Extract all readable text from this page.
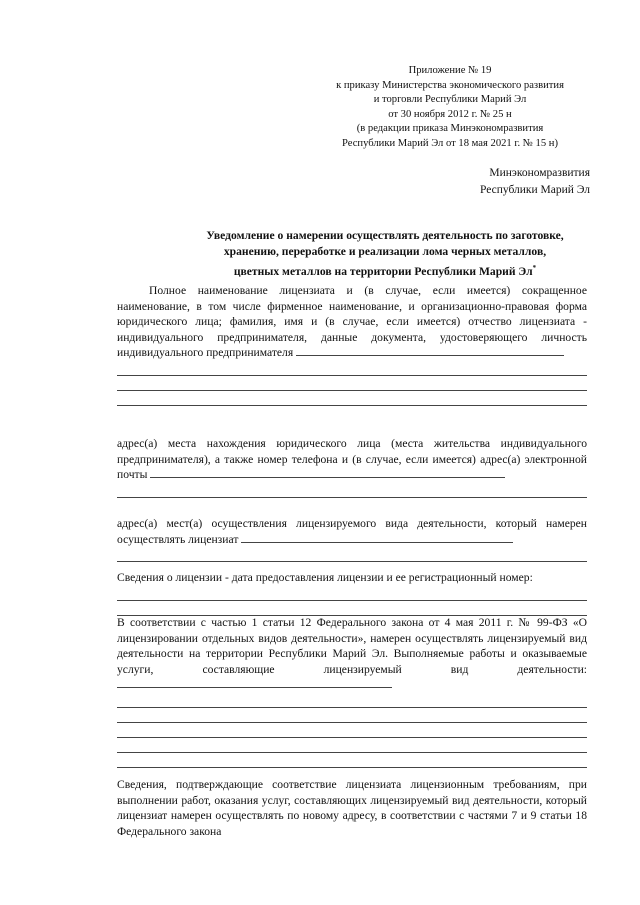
Приложение № 19
к приказу Министерства экономического развития
и торговли Республики Марий Эл
от 30 ноября 2012 г. № 25 н
(в редакции приказа Минэкономразвития
Республики Марий Эл от 18 мая 2021 г. № 15 н)
Минэкономразвития
Республики Марий Эл
Уведомление о намерении осуществлять деятельность по заготовке,
хранению, переработке и реализации лома черных металлов,
цветных металлов на территории Республики Марий Эл*

Полное наименование лицензиата и (в случае, если имеется) сокращенное наименование, в том числе фирменное наименование, и организационно-правовая форма юридического лица; фамилия, имя и (в случае, если имеется) отчество лицензиата - индивидуального предпринимателя, данные документа, удостоверяющего личность индивидуального предпринимателя

адрес(а) места нахождения юридического лица (места жительства индивидуального предпринимателя), а также номер телефона и (в случае, если имеется) адрес(а) электронной почты

адрес(а) мест(а) осуществления лицензируемого вида деятельности, который намерен осуществлять лицензиат

Сведения о лицензии - дата предоставления лицензии и ее регистрационный номер:

В соответствии с частью 1 статьи 12 Федерального закона от 4 мая 2011 г. № 99-ФЗ «О лицензировании отдельных видов деятельности», намерен осуществлять лицензируемый вид деятельности на территории Республики Марий Эл. Выполняемые работы и оказываемые услуги, составляющие лицензируемый вид деятельности:

Сведения, подтверждающие соответствие лицензиата лицензионным требованиям, при выполнении работ, оказания услуг, составляющих лицензируемый вид деятельности, который лицензиат намерен осуществлять по новому адресу, в соответствии с частями 7 и 9 статьи 18 Федерального закона
